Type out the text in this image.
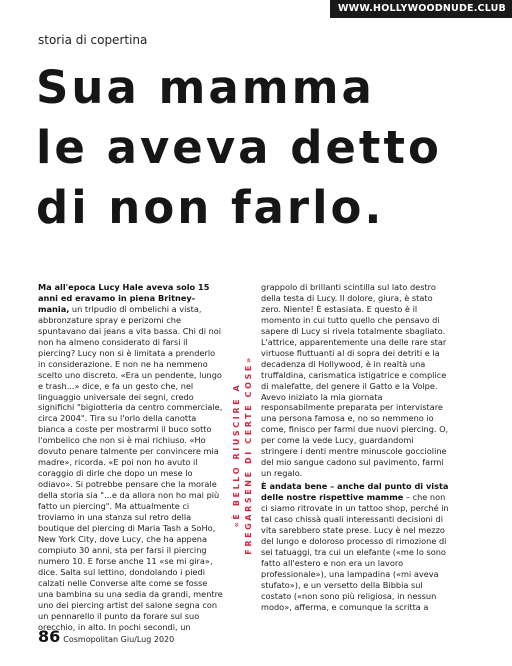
WWW.HOLLYWOODNUDE.CLUB
storia di copertina
Sua mamma
le aveva detto
di non farlo.

Ma all'epoca Lucy Hale aveva solo 15 anni ed eravamo in piena Britney-mania, un tripudio di ombelichi a vista, abbronzature spray e perizomi che spuntavano dai jeans a vita bassa. Chi di noi non ha almeno considerato di farsi il piercing? Lucy non si è limitata a prenderlo in considerazione. E non ne ha nemmeno scelto uno discreto. «Era un pendente, lungo e trash...» dice, e fa un gesto che, nel linguaggio universale dei segni, credo significhi "bigiotteria da centro commerciale, circa 2004". Tira su l'orlo della canotta bianca a coste per mostrarmi il buco sotto l'ombelico che non si è mai richiuso. «Ho dovuto penare talmente per convincere mia madre», ricorda. «E poi non ho avuto il coraggio di dirle che dopo un mese lo odiavo». Si potrebbe pensare che la morale della storia sia "...e da allora non ho mai più fatto un piercing". Ma attualmente ci troviamo in una stanza sul retro della boutique del piercing di Maria Tash a SoHo, New York City, dove Lucy, che ha appena compiuto 30 anni, sta per farsi il piercing numero 10. E forse anche 11 «se mi gira», dice. Salta sul lettino, dondolando i piedi calzati nelle Converse alte come se fosse una bambina su una sedia da grandi, mentre uno dei piercing artist del salone segna con un pennarello il punto da forare sul suo orecchio, in alto. In pochi secondi, un

«È BELLO RIUSCIRE A FREGARSENE DI CERTE COSE»

grappolo di brillanti scintilla sul lato destro della testa di Lucy. Il dolore, giura, è stato zero. Niente! È estasiata. E questo è il momento in cui tutto quello che pensavo di sapere di Lucy si rivela totalmente sbagliato. L'attrice, apparentemente una delle rare star virtuose fluttuanti al di sopra dei detriti e la decadenza di Hollywood, è in realtà una truffaldina, carismatica istigatrice e complice di malefatte, del genere il Gatto e la Volpe. Avevo iniziato la mia giornata responsabilmente preparata per intervistare una persona famosa e, no so nemmeno io come, finisco per farmi due nuovi piercing. O, per come la vede Lucy, guardandomi stringere i denti mentre minuscole goccioline del mio sangue cadono sul pavimento, farmi un regalo.

È andata bene – anche dal punto di vista delle nostre rispettive mamme – che non ci siamo ritrovate in un tattoo shop, perché in tal caso chissà quali interessanti decisioni di vita sarebbero state prese. Lucy è nel mezzo del lungo e doloroso processo di rimozione di sei tatuaggi, tra cui un elefante («me lo sono fatto all'estero e non era un lavoro professionale»), una lampadina («mi aveva stufato»), e un versetto della Bibbia sul costato («non sono più religiosa, in nessun modo», afferma, e comunque la scritta a

86 Cosmopolitan Giu/Lug 2020
